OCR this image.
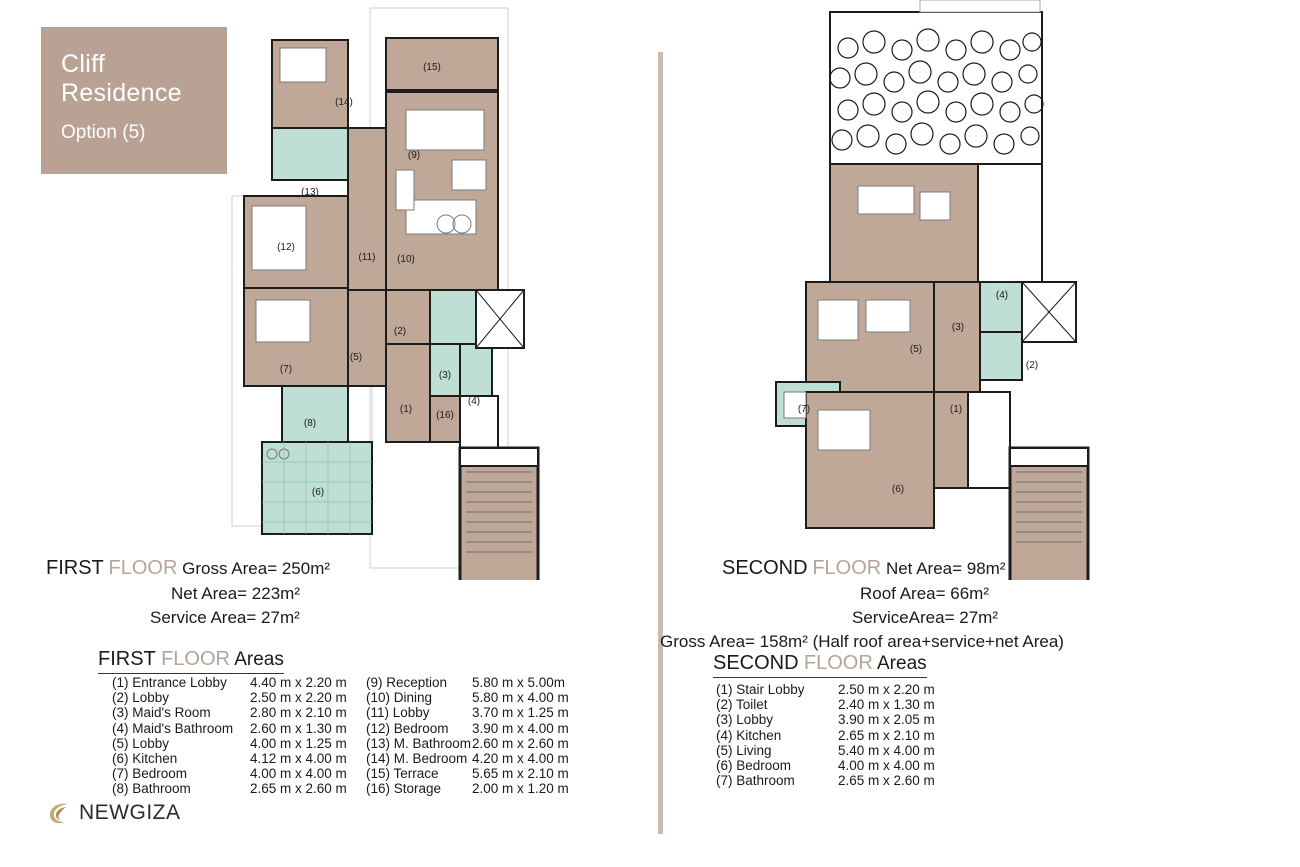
Cliff Residence
Option (5)
(15)
(9)
(10)
(14)
(13)
(11)
(12)
(7)
(8)
(6)
(5)
(2)
(3)
(4)
(1)
(16)
(5)
(3)
(4)
(2)
(7)
(6)
(1)
FIRST FLOOR Gross Area= 250m²
Net Area= 223m²
Service Area= 27m²
FIRST FLOOR Areas
(1) Entrance Lobby	4.40 m x 2.20 m
(2) Lobby	2.50 m x 2.20 m
(3) Maid's Room	2.80 m x 2.10 m
(4) Maid's Bathroom	2.60 m x 1.30 m
(5) Lobby	4.00 m x 1.25 m
(6) Kitchen	4.12 m x 4.00 m
(7) Bedroom	4.00 m x 4.00 m
(8) Bathroom	2.65 m x 2.60 m
(9) Reception	5.80 m x 5.00m
(10) Dining	5.80 m x 4.00 m
(11) Lobby	3.70 m x 1.25 m
(12) Bedroom	3.90 m x 4.00 m
(13) M. Bathroom 2.60 m x 2.60 m
(14) M. Bedroom 4.20 m x 4.00 m
(15) Terrace	5.65 m x 2.10 m
(16) Storage	2.00 m x 1.20 m
SECOND FLOOR Net Area= 98m²
Roof Area= 66m²
ServiceArea= 27m²
Gross Area= 158m² (Half roof area+service+net Area)
SECOND FLOOR Areas
(1) Stair Lobby	2.50 m x 2.20 m
(2) Toilet	2.40 m x 1.30 m
(3) Lobby	3.90 m x 2.05 m
(4) Kitchen	2.65 m x 2.10 m
(5) Living	5.40 m x 4.00 m
(6) Bedroom	4.00 m x 4.00 m
(7) Bathroom	2.65 m x 2.60 m
NEWGIZA
